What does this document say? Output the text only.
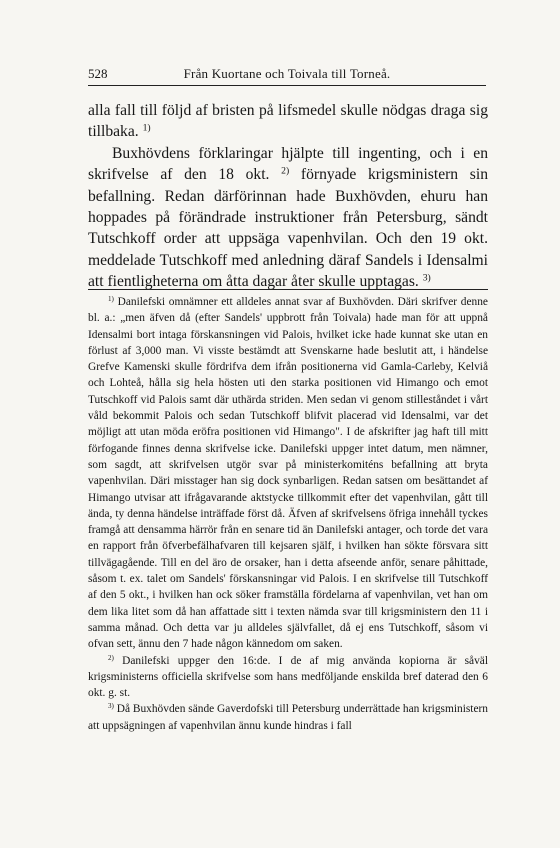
528	Från Kuortane och Toivala till Torneå.

alla fall till följd af bristen på lifsmedel skulle nödgas draga sig tillbaka. $^{1)}$

Buxhövdens förklaringar hjälpte till ingenting, och i en skrifvelse af den 18 okt. $^{2)}$ förnyade krigsministern sin befallning. Redan därförinnan hade Buxhövden, ehuru han hoppades på förändrade instruktioner från Petersburg, sändt Tutschkoff order att uppsäga vapenhvilan. Och den 19 okt. meddelade Tutschkoff med anledning däraf Sandels i Idensalmi att fientligheterna om åtta dagar åter skulle upptagas. $^{3)}$

$^{1)}$ Danilefski omnämner ett alldeles annat svar af Buxhövden. Däri skrifver denne bl. a.: „men äfven då (efter Sandels' uppbrott från Toivala) hade man för att uppnå Idensalmi bort intaga förskansningen vid Palois, hvilket icke hade kunnat ske utan en förlust af 3,000 man. Vi visste bestämdt att Svenskarne hade beslutit att, i händelse Grefve Kamenski skulle fördrifva dem ifrån positionerna vid Gamla-Carleby, Kelviå och Lohteå, hålla sig hela hösten uti den starka positionen vid Himango och emot Tutschkoff vid Palois samt där uthärda striden. Men sedan vi genom stilleståndet i vårt våld bekommit Palois och sedan Tutschkoff blifvit placerad vid Idensalmi, var det möjligt att utan möda eröfra positionen vid Himango". I de afskrifter jag haft till mitt förfogande finnes denna skrifvelse icke. Danilefski uppger intet datum, men nämner, som sagdt, att skrifvelsen utgör svar på ministerkomiténs befallning att bryta vapenhvilan. Däri misstager han sig dock synbarligen. Redan satsen om besättandet af Himango utvisar att ifrågavarande aktstycke tillkommit efter det vapenhvilan, gått till ända, ty denna händelse inträffade först då. Äfven af skrifvelsens öfriga innehåll tyckes framgå att densamma härrör från en senare tid än Danilefski antager, och torde det vara en rapport från öfverbefälhafvaren till kejsaren själf, i hvilken han sökte försvara sitt tillvägagående. Till en del äro de orsaker, han i detta afseende anför, senare påhittade, såsom t. ex. talet om Sandels' förskansningar vid Palois. I en skrifvelse till Tutschkoff af den 5 okt., i hvilken han ock söker framställa fördelarna af vapenhvilan, vet han om dem lika litet som då han affattade sitt i texten nämda svar till krigsministern den 11 i samma månad. Och detta var ju alldeles självfallet, då ej ens Tutschkoff, såsom vi ofvan sett, ännu den 7 hade någon kännedom om saken.

$^{2)}$ Danilefski uppger den 16:de. I de af mig använda kopiorna är såväl krigsministerns officiella skrifvelse som hans medföljande enskilda bref daterad den 6 okt. g. st.

$^{3)}$ Då Buxhövden sände Gaverdofski till Petersburg underrättade han krigsministern att uppsägningen af vapenhvilan ännu kunde hindras i fall
